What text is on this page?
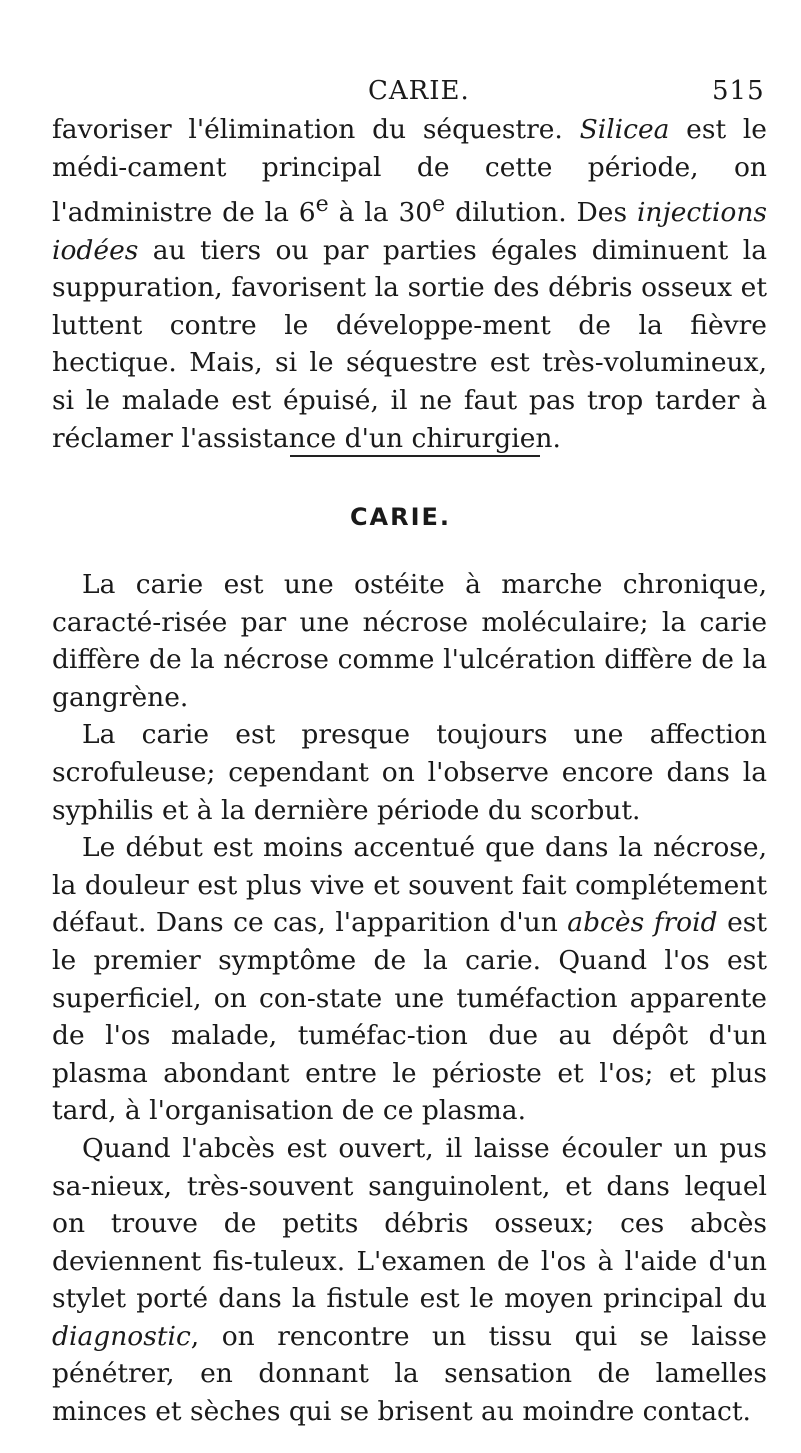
CARIE.	515

favoriser l'élimination du séquestre. Silicea est le médi-cament principal de cette période, on l'administre de la 6e à la 30e dilution. Des injections iodées au tiers ou par parties égales diminuent la suppuration, favorisent la sortie des débris osseux et luttent contre le développe-ment de la fièvre hectique. Mais, si le séquestre est très-volumineux, si le malade est épuisé, il ne faut pas trop tarder à réclamer l'assistance d'un chirurgien.

CARIE.

La carie est une ostéite à marche chronique, caracté-risée par une nécrose moléculaire; la carie diffère de la nécrose comme l'ulcération diffère de la gangrène.

La carie est presque toujours une affection scrofuleuse; cependant on l'observe encore dans la syphilis et à la dernière période du scorbut.

Le début est moins accentué que dans la nécrose, la douleur est plus vive et souvent fait complétement défaut. Dans ce cas, l'apparition d'un abcès froid est le premier symptôme de la carie. Quand l'os est superficiel, on con-state une tuméfaction apparente de l'os malade, tuméfac-tion due au dépôt d'un plasma abondant entre le périoste et l'os; et plus tard, à l'organisation de ce plasma.

Quand l'abcès est ouvert, il laisse écouler un pus sa-nieux, très-souvent sanguinolent, et dans lequel on trouve de petits débris osseux; ces abcès deviennent fis-tuleux. L'examen de l'os à l'aide d'un stylet porté dans la fistule est le moyen principal du diagnostic, on rencontre un tissu qui se laisse pénétrer, en donnant la sensation de lamelles minces et sèches qui se brisent au moindre contact.
